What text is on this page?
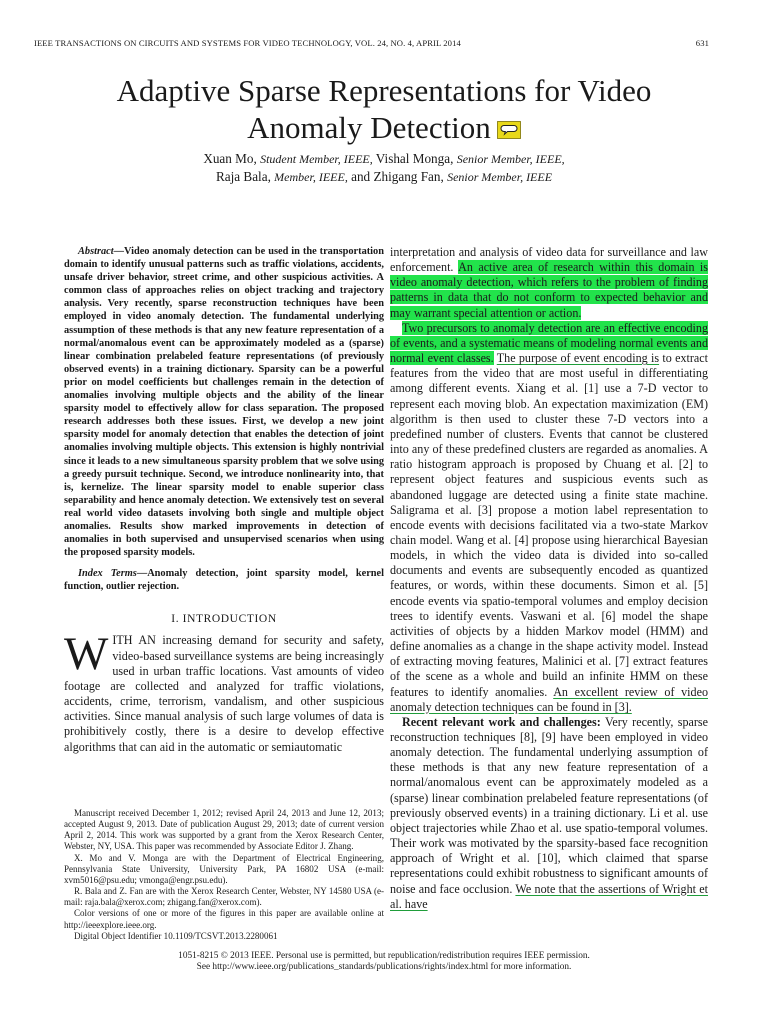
IEEE TRANSACTIONS ON CIRCUITS AND SYSTEMS FOR VIDEO TECHNOLOGY, VOL. 24, NO. 4, APRIL 2014	631
Adaptive Sparse Representations for Video
Anomaly Detection
Xuan Mo, Student Member, IEEE, Vishal Monga, Senior Member, IEEE,
Raja Bala, Member, IEEE, and Zhigang Fan, Senior Member, IEEE

Abstract—Video anomaly detection can be used in the transportation domain to identify unusual patterns such as traffic violations, accidents, unsafe driver behavior, street crime, and other suspicious activities. A common class of approaches relies on object tracking and trajectory analysis. Very recently, sparse reconstruction techniques have been employed in video anomaly detection. The fundamental underlying assumption of these methods is that any new feature representation of a normal/anomalous event can be approximately modeled as a (sparse) linear combination prelabeled feature representations (of previously observed events) in a training dictionary. Sparsity can be a powerful prior on model coefficients but challenges remain in the detection of anomalies involving multiple objects and the ability of the linear sparsity model to effectively allow for class separation. The proposed research addresses both these issues. First, we develop a new joint sparsity model for anomaly detection that enables the detection of joint anomalies involving multiple objects. This extension is highly nontrivial since it leads to a new simultaneous sparsity problem that we solve using a greedy pursuit technique. Second, we introduce nonlinearity into, that is, kernelize. The linear sparsity model to enable superior class separability and hence anomaly detection. We extensively test on several real world video datasets involving both single and multiple object anomalies. Results show marked improvements in detection of anomalies in both supervised and unsupervised scenarios when using the proposed sparsity models.

Index Terms—Anomaly detection, joint sparsity model, kernel function, outlier rejection.

I. INTRODUCTION

WITH AN increasing demand for security and safety, video-based surveillance systems are being increasingly used in urban traffic locations. Vast amounts of video footage are collected and analyzed for traffic violations, accidents, crime, terrorism, vandalism, and other suspicious activities. Since manual analysis of such large volumes of data is prohibitively costly, there is a desire to develop effective algorithms that can aid in the automatic or semiautomatic

Manuscript received December 1, 2012; revised April 24, 2013 and June 12, 2013; accepted August 9, 2013. Date of publication August 29, 2013; date of current version April 2, 2014. This work was supported by a grant from the Xerox Research Center, Webster, NY, USA. This paper was recommended by Associate Editor J. Zhang.

X. Mo and V. Monga are with the Department of Electrical Engineering, Pennsylvania State University, University Park, PA 16802 USA (e-mail: xvm5016@psu.edu; vmonga@engr.psu.edu).

R. Bala and Z. Fan are with the Xerox Research Center, Webster, NY 14580 USA (e-mail: raja.bala@xerox.com; zhigang.fan@xerox.com).

Color versions of one or more of the figures in this paper are available online at http://ieeexplore.ieee.org.

Digital Object Identifier 10.1109/TCSVT.2013.2280061

interpretation and analysis of video data for surveillance and law enforcement. An active area of research within this domain is video anomaly detection, which refers to the problem of finding patterns in data that do not conform to expected behavior and may warrant special attention or action.

Two precursors to anomaly detection are an effective encoding of events, and a systematic means of modeling normal events and normal event classes. The purpose of event encoding is to extract features from the video that are most useful in differentiating among different events. Xiang et al. [1] use a 7-D vector to represent each moving blob. An expectation maximization (EM) algorithm is then used to cluster these 7-D vectors into a predefined number of clusters. Events that cannot be clustered into any of these predefined clusters are regarded as anomalies. A ratio histogram approach is proposed by Chuang et al. [2] to represent object features and suspicious events such as abandoned luggage are detected using a finite state machine. Saligrama et al. [3] propose a motion label representation to encode events with decisions facilitated via a two-state Markov chain model. Wang et al. [4] propose using hierarchical Bayesian models, in which the video data is divided into so-called documents and events are subsequently encoded as quantized features, or words, within these documents. Simon et al. [5] encode events via spatio-temporal volumes and employ decision trees to identify events. Vaswani et al. [6] model the shape activities of objects by a hidden Markov model (HMM) and define anomalies as a change in the shape activity model. Instead of extracting moving features, Malinici et al. [7] extract features of the scene as a whole and build an infinite HMM on these features to identify anomalies. An excellent review of video anomaly detection techniques can be found in [3].

Recent relevant work and challenges: Very recently, sparse reconstruction techniques [8], [9] have been employed in video anomaly detection. The fundamental underlying assumption of these methods is that any new feature representation of a normal/anomalous event can be approximately modeled as a (sparse) linear combination prelabeled feature representations (of previously observed events) in a training dictionary. Li et al. use object trajectories while Zhao et al. use spatio-temporal volumes. Their work was motivated by the sparsity-based face recognition approach of Wright et al. [10], which claimed that sparse representations could exhibit robustness to significant amounts of noise and face occlusion. We note that the assertions of Wright et al. have

1051-8215 © 2013 IEEE. Personal use is permitted, but republication/redistribution requires IEEE permission.
See http://www.ieee.org/publications_standards/publications/rights/index.html for more information.
